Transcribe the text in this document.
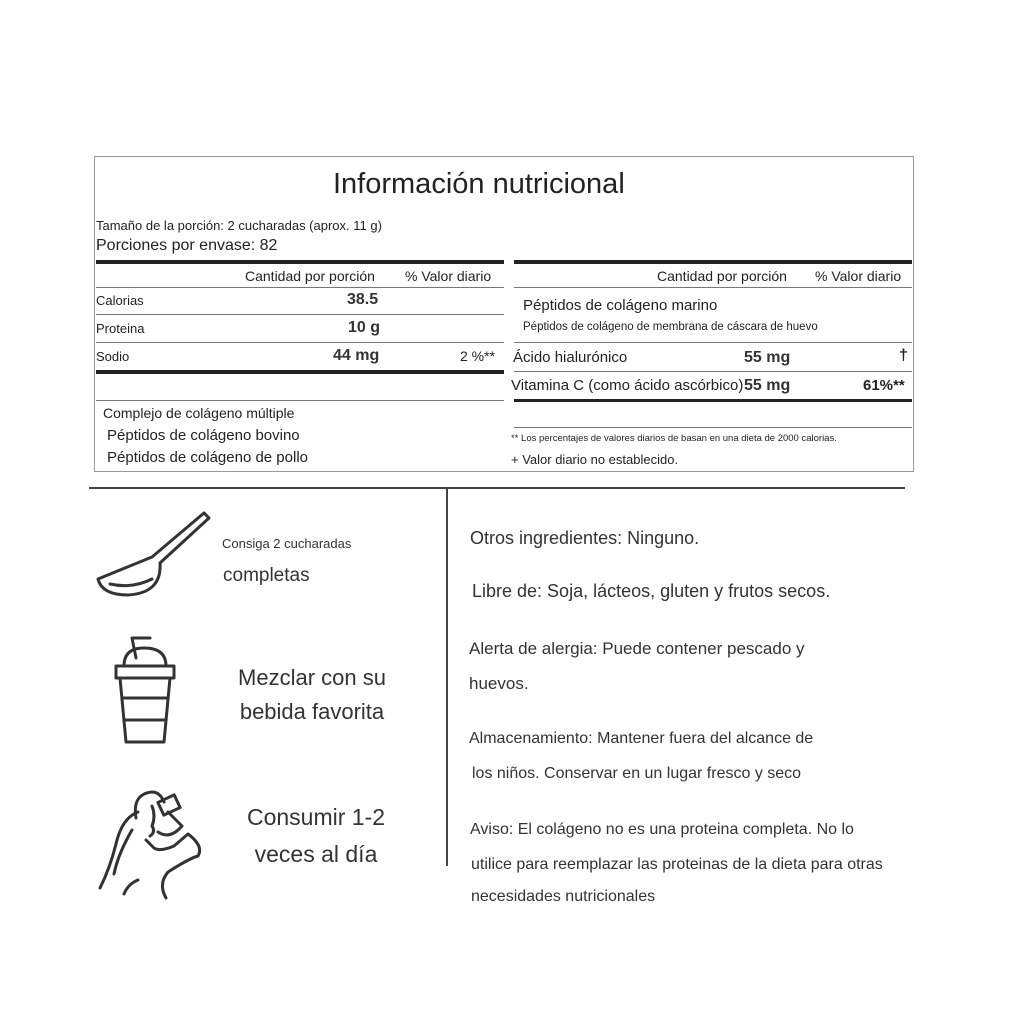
Información nutricional
Tamaño de la porción: 2 cucharadas (aprox. 11 g)
Porciones por envase: 82
Cantidad por porción % Valor diario
Calorias	38.5
Proteina	10 g
Sodio	44 mg	2 %**
Complejo de colágeno múltiple
Péptidos de colágeno bovino
Péptidos de colágeno de pollo
Cantidad por porción % Valor diario
Péptidos de colágeno marino
Péptidos de colágeno de membrana de cáscara de huevo
Ácido hialurónico	55 mg	†
Vitamina C (como ácido ascórbico) 55 mg	61%**
** Los percentajes de valores diarios de basan en una dieta de 2000 calorias.
+ Valor diario no establecido.
Consiga 2 cucharadas
completas
Mezclar con su
bebida favorita
Consumir 1-2
veces al día
Otros ingredientes: Ninguno.
Libre de: Soja, lácteos, gluten y frutos secos.
Alerta de alergia: Puede contener pescado y
huevos.
Almacenamiento: Mantener fuera del alcance de
los niños. Conservar en un lugar fresco y seco
Aviso: El colágeno no es una proteina completa. No lo
utilice para reemplazar las proteinas de la dieta para otras
necesidades nutricionales
